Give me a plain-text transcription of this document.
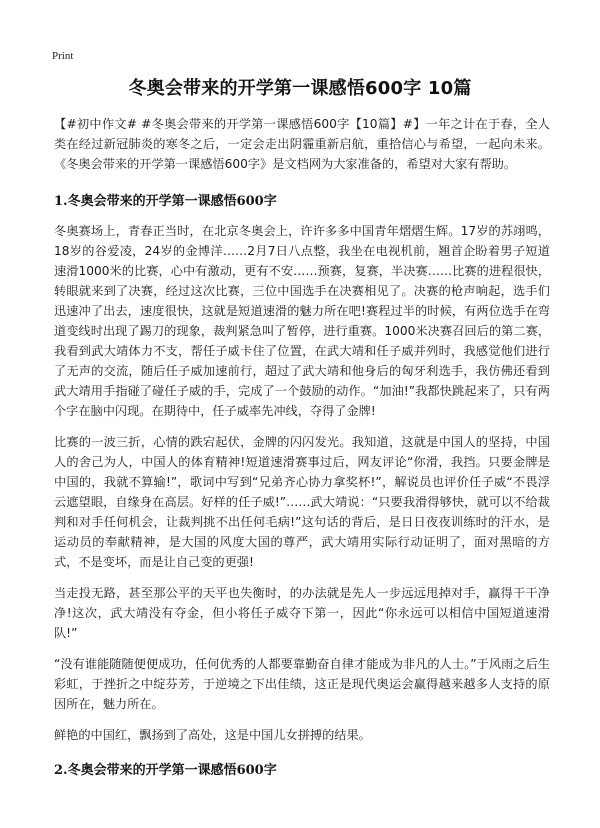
Print
冬奥会带来的开学第一课感悟600字 10篇

【#初中作文# #冬奥会带来的开学第一课感悟600字【10篇】#】一年之计在于春，全人类在经过新冠肺炎的寒冬之后，一定会走出阴霾重新启航，重拾信心与希望，一起向未来。《冬奥会带来的开学第一课感悟600字》是文档网为大家准备的，希望对大家有帮助。

1.冬奥会带来的开学第一课感悟600字

冬奥赛场上，青春正当时，在北京冬奥会上，许许多多中国青年熠熠生辉。17岁的苏翊鸣，18岁的谷爱凌，24岁的金博洋……2月7日八点整，我坐在电视机前，翘首企盼着男子短道速滑1000米的比赛，心中有激动，更有不安……预赛，复赛，半决赛……比赛的进程很快，转眼就来到了决赛，经过这次比赛，三位中国选手在决赛相见了。决赛的枪声响起，选手们迅速冲了出去，速度很快，这就是短道速滑的魅力所在吧!赛程过半的时候，有两位选手在弯道变线时出现了踢刀的现象，裁判紧急叫了暂停，进行重赛。1000米决赛召回后的第二赛，我看到武大靖体力不支，帮任子威卡住了位置，在武大靖和任子威并列时，我感觉他们进行了无声的交流，随后任子威加速前行，超过了武大靖和他身后的匈牙利选手，我仿佛还看到武大靖用手指碰了碰任子威的手，完成了一个鼓励的动作。“加油!”我都快跳起来了，只有两个字在脑中闪现。在期待中，任子威率先冲线，夺得了金牌!

比赛的一波三折，心情的跌宕起伏，金牌的闪闪发光。我知道，这就是中国人的坚持，中国人的舍己为人，中国人的体育精神!短道速滑赛事过后，网友评论“你滑，我挡。只要金牌是中国的，我就不算输!”，歌词中写到“兄弟齐心协力拿奖杯!”，解说员也评价任子威“不畏浮云遮望眼，自缘身在高层。好样的任子威!”……武大靖说：“只要我滑得够快，就可以不给裁判和对手任何机会，让裁判挑不出任何毛病!”这句话的背后，是日日夜夜训练时的汗水，是运动员的奉献精神，是大国的风度大国的尊严，武大靖用实际行动证明了，面对黑暗的方式，不是变坏，而是让自己变的更强!

当走投无路，甚至那公平的天平也失衡时，的办法就是先人一步远远甩掉对手，赢得干干净净!这次，武大靖没有夺金，但小将任子威夺下第一，因此“你永远可以相信中国短道速滑队!”

“没有谁能随随便便成功，任何优秀的人都要靠勤奋自律才能成为非凡的人士。”于风雨之后生彩虹，于挫折之中绽芬芳，于逆境之下出佳绩，这正是现代奥运会赢得越来越多人支持的原因所在，魅力所在。

鲜艳的中国红，飘扬到了高处，这是中国儿女拼搏的结果。

2.冬奥会带来的开学第一课感悟600字
